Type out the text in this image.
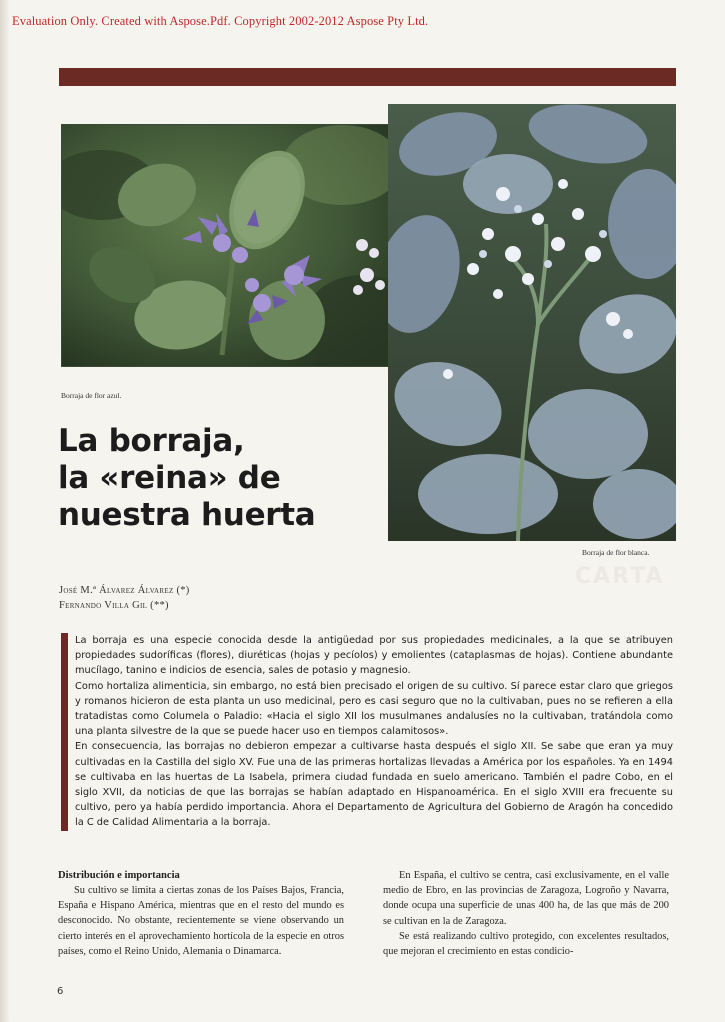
Evaluation Only. Created with Aspose.Pdf. Copyright 2002-2012 Aspose Pty Ltd.
Borraja de flor azul.
Borraja de flor blanca.
CARTA
La borraja,
la «reina» de
nuestra huerta
José M.ª Álvarez Álvarez (*)
Fernando Villa Gil (**)

La borraja es una especie conocida desde la antigüedad por sus propiedades medicinales, a la que se atribuyen propiedades sudoríficas (flores), diuréticas (hojas y pecíolos) y emolientes (cataplasmas de hojas). Contiene abundante mucílago, tanino e indicios de esencia, sales de potasio y magnesio.

Como hortaliza alimenticia, sin embargo, no está bien precisado el origen de su cultivo. Sí parece estar claro que griegos y romanos hicieron de esta planta un uso medicinal, pero es casi seguro que no la cultivaban, pues no se refieren a ella tratadistas como Columela o Paladio: «Hacia el siglo XII los musulmanes andalusíes no la cultivaban, tratándola como una planta silvestre de la que se puede hacer uso en tiempos calamitosos».

En consecuencia, las borrajas no debieron empezar a cultivarse hasta después el siglo XII. Se sabe que eran ya muy cultivadas en la Castilla del siglo XV. Fue una de las primeras hortalizas llevadas a América por los españoles. Ya en 1494 se cultivaba en las huertas de La Isabela, primera ciudad fundada en suelo americano. También el padre Cobo, en el siglo XVII, da noticias de que las borrajas se habían adaptado en Hispanoamérica. En el siglo XVIII era frecuente su cultivo, pero ya había perdido importancia. Ahora el Departamento de Agricultura del Gobierno de Aragón ha concedido la C de Calidad Alimentaria a la borraja.

Distribución e importancia

Su cultivo se limita a ciertas zonas de los Países Bajos, Francia, España e Hispano América, mientras que en el resto del mundo es desconocido. No obstante, recientemente se viene observando un cierto interés en el aprovechamiento hortícola de la especie en otros países, como el Reino Unido, Alemania o Dinamarca.

En España, el cultivo se centra, casi exclusivamente, en el valle medio de Ebro, en las provincias de Zaragoza, Logroño y Navarra, donde ocupa una superficie de unas 400 ha, de las que más de 200 se cultivan en la de Zaragoza.

Se está realizando cultivo protegido, con excelentes resultados, que mejoran el crecimiento en estas condicio-

6
